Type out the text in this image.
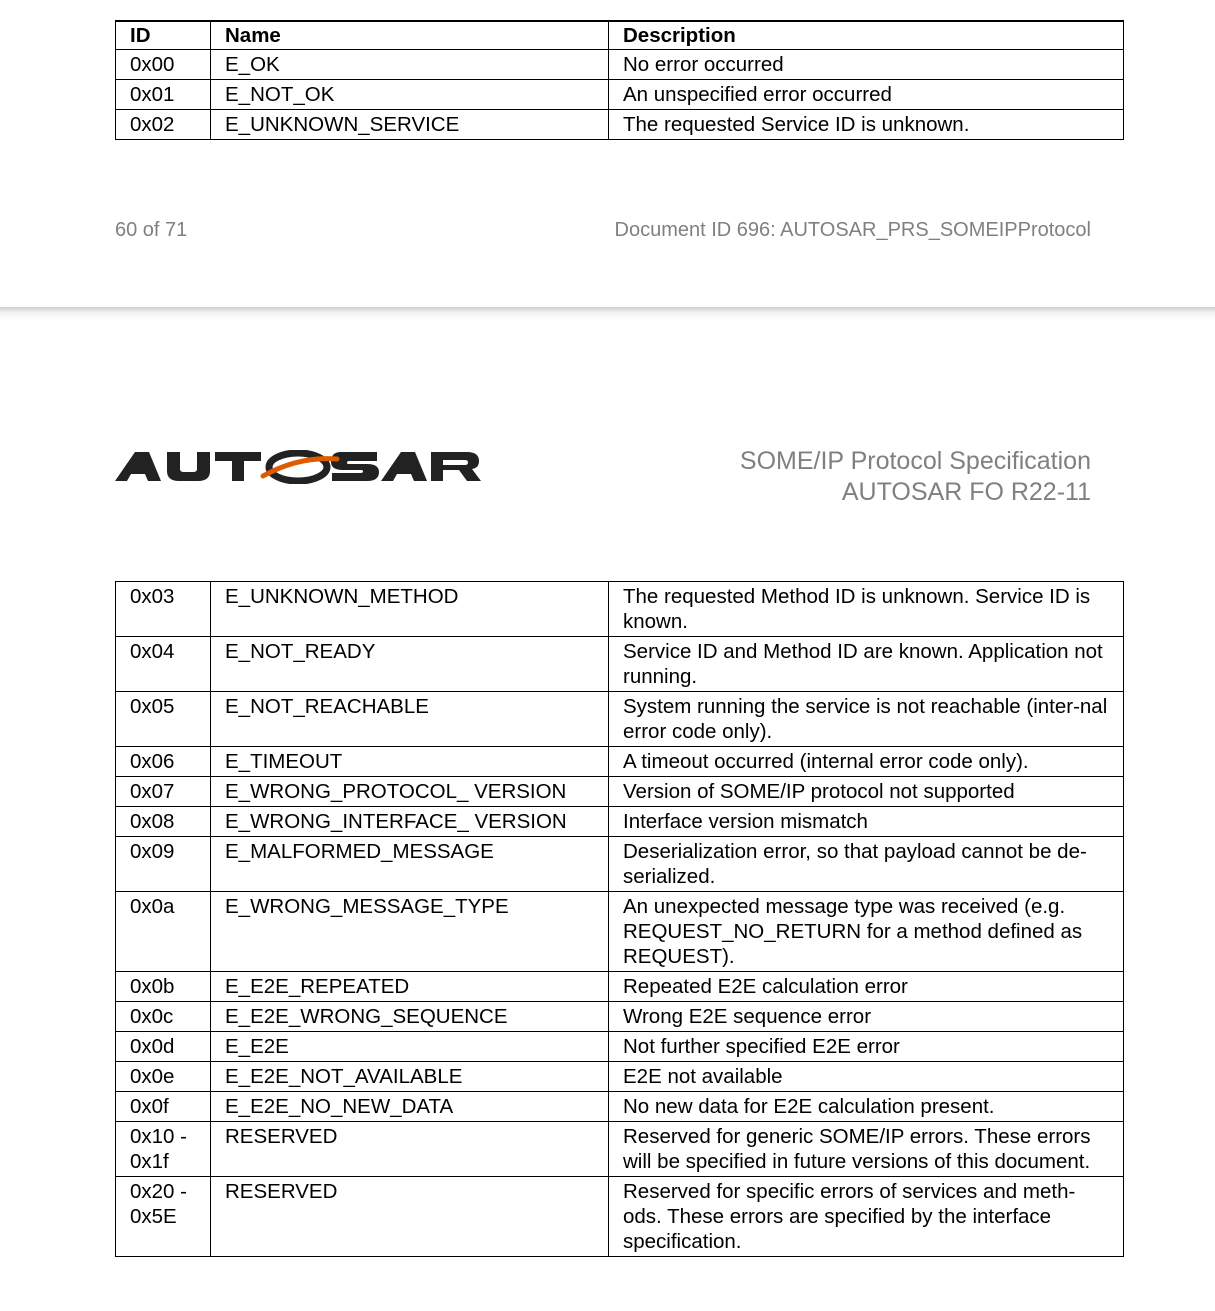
ID	Name	Description
0x00	E_OK	No error occurred
0x01	E_NOT_OK	An unspecified error occurred
0x02	E_UNKNOWN_SERVICE	The requested Service ID is unknown.
60 of 71	Document ID 696: AUTOSAR_PRS_SOMEIPProtocol
SOME/IP Protocol Specification
AUTOSAR FO R22-11
0x03	E_UNKNOWN_METHOD	The requested Method ID is unknown. Service ID is known.
0x04	E_NOT_READY	Service ID and Method ID are known. Application not running.
0x05	E_NOT_REACHABLE	System running the service is not reachable (inter-nal error code only).
0x06	E_TIMEOUT	A timeout occurred (internal error code only).
0x07	E_WRONG_PROTOCOL_ VERSION	Version of SOME/IP protocol not supported
0x08	E_WRONG_INTERFACE_ VERSION	Interface version mismatch
0x09	E_MALFORMED_MESSAGE	Deserialization error, so that payload cannot be de-serialized.
0x0a	E_WRONG_MESSAGE_TYPE	An unexpected message type was received (e.g. REQUEST_NO_RETURN for a method defined as REQUEST).
0x0b	E_E2E_REPEATED	Repeated E2E calculation error
0x0c	E_E2E_WRONG_SEQUENCE	Wrong E2E sequence error
0x0d	E_E2E	Not further specified E2E error
0x0e	E_E2E_NOT_AVAILABLE	E2E not available
0x0f	E_E2E_NO_NEW_DATA	No new data for E2E calculation present.
0x10 - 0x1f	RESERVED	Reserved for generic SOME/IP errors. These errors will be specified in future versions of this document.
0x20 - 0x5E	RESERVED	Reserved for specific errors of services and meth-ods. These errors are specified by the interface specification.
